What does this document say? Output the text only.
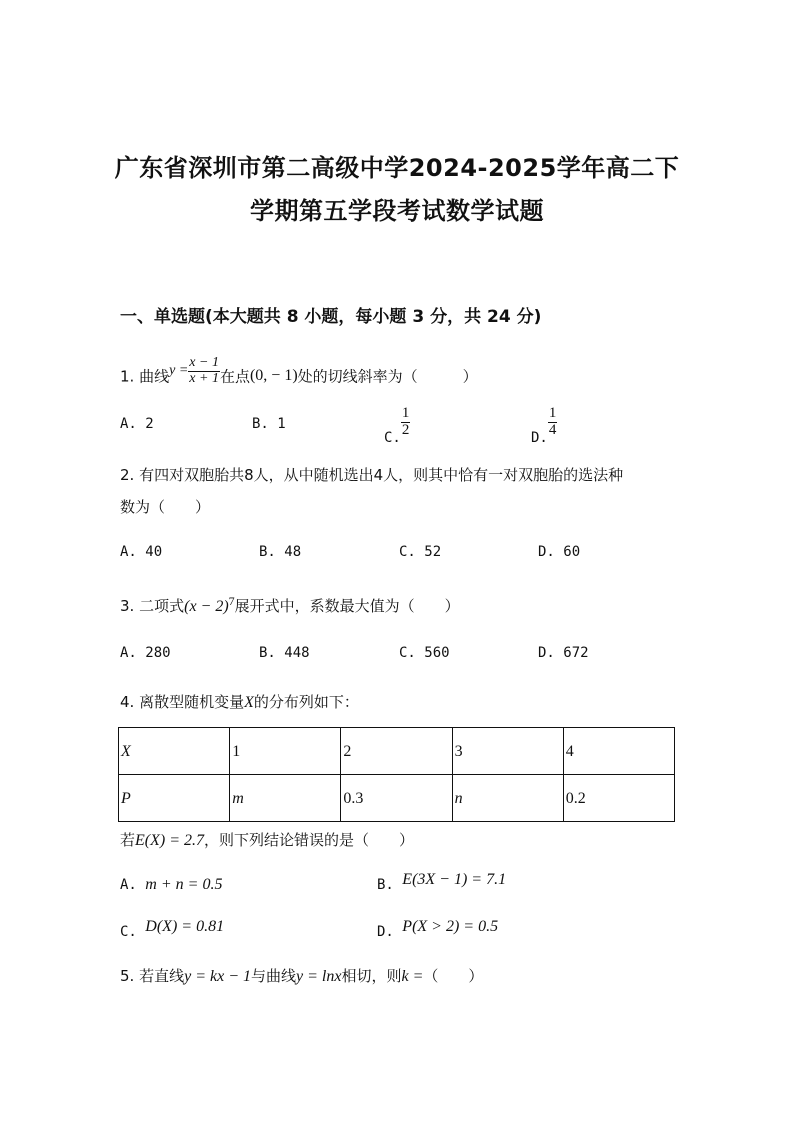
广东省深圳市第二高级中学2024-2025学年高二下
学期第五学段考试数学试题
一、单选题(本大题共 8 小题，每小题 3 分，共 24 分)
1. 曲线$y = \frac{x - 1}{x + 1}$ 在点(0, − 1)处的切线斜率为（　　　）
A. 2	B. 1
C. $\frac{1}{2}$	D. $\frac{1}{4}$
2. 有四对双胞胎共8人，从中随机选出4人，则其中恰有一对双胞胎的选法种
数为（　　）
A. 40	B. 48	C. 52	D. 60
3. 二项式$(x - 2)^7$展开式中，系数最大值为（　　）
A. 280	B. 448	C. 560	D. 672
4. 离散型随机变量X的分布列如下：
X	1	2	3	4
P	m	0.3	n	0.2
若E(X) = 2.7，则下列结论错误的是（　　）
A. m + n = 0.5	B. E(3X − 1) = 7.1
C. D(X) = 0.81	D. P(X > 2) = 0.5
5. 若直线y = kx − 1与曲线y = lnx相切，则k =（　　）
